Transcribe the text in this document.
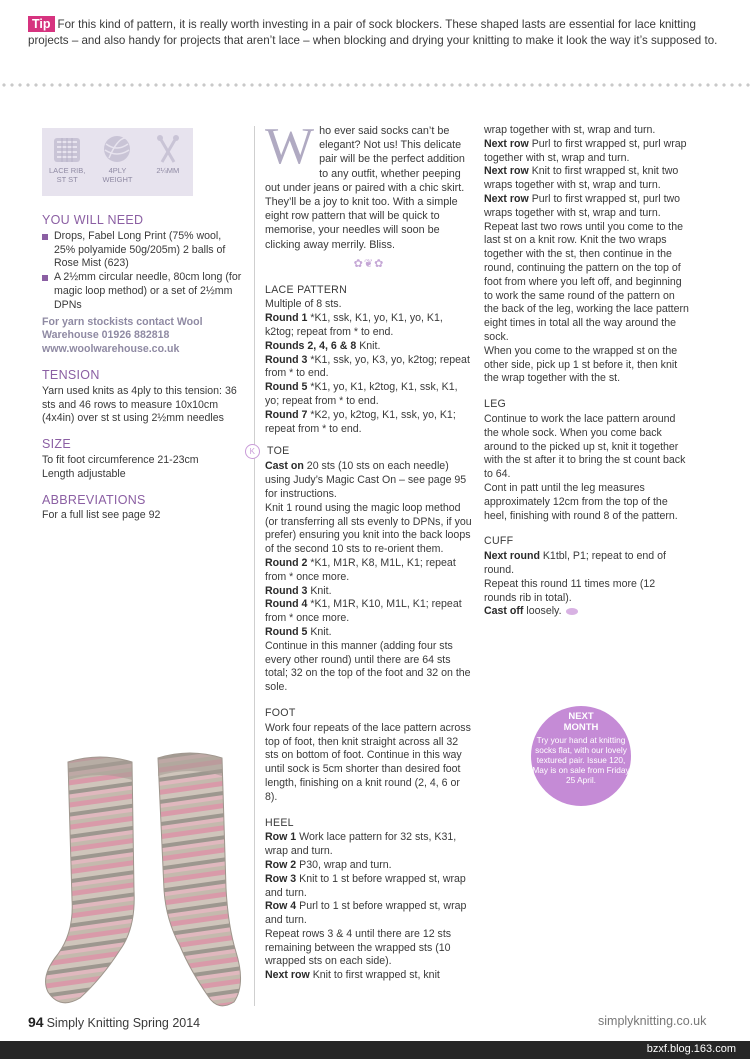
Tip For this kind of pattern, it is really worth investing in a pair of sock blockers. These shaped lasts are essential for lace knitting projects – and also handy for projects that aren’t lace – when blocking and drying your knitting to make it look the way it’s supposed to.
LACE RIB, ST ST
4PLY WEIGHT
2¼MM
YOU WILL NEED
Drops, Fabel Long Print (75% wool, 25% polyamide 50g/205m) 2 balls of Rose Mist (623)
A 2½mm circular needle, 80cm long (for magic loop method) or a set of 2½mm DPNs
For yarn stockists contact Wool
Warehouse 01926 882818
www.woolwarehouse.co.uk
TENSION

Yarn used knits as 4ply to this tension: 36 sts and 46 rows to measure 10x10cm (4x4in) over st st using 2½mm needles

SIZE

To fit foot circumference 21-23cm

Length adjustable

ABBREVIATIONS

For a full list see page 92

Who ever said socks can’t be elegant? Not us! This delicate pair will be the perfect addition to any outfit, whether peeping out under jeans or paired with a chic skirt. They’ll be a joy to knit too. With a simple eight row pattern that will be quick to memorise, your needles will soon be clicking away merrily. Bliss.

✿❦✿
LACE PATTERN

Multiple of 8 sts.

Round 1 *K1, ssk, K1, yo, K1, yo, K1, k2tog; repeat from * to end.

Rounds 2, 4, 6 & 8 Knit.

Round 3 *K1, ssk, yo, K3, yo, k2tog; repeat from * to end.

Round 5 *K1, yo, K1, k2tog, K1, ssk, K1, yo; repeat from * to end.

Round 7 *K2, yo, k2tog, K1, ssk, yo, K1; repeat from * to end.

K	TOE

Cast on 20 sts (10 sts on each needle) using Judy’s Magic Cast On – see page 95 for instructions.

Knit 1 round using the magic loop method (or transferring all sts evenly to DPNs, if you prefer) ensuring you knit into the back loops of the second 10 sts to re-orient them.

Round 2 *K1, M1R, K8, M1L, K1; repeat from * once more.

Round 3 Knit.

Round 4 *K1, M1R, K10, M1L, K1; repeat from * once more.

Round 5 Knit.

Continue in this manner (adding four sts every other round) until there are 64 sts total; 32 on the top of the foot and 32 on the sole.

FOOT

Work four repeats of the lace pattern across top of foot, then knit straight across all 32 sts on bottom of foot. Continue in this way until sock is 5cm shorter than desired foot length, finishing on a knit round (2, 4, 6 or 8).

HEEL

Row 1 Work lace pattern for 32 sts, K31, wrap and turn.

Row 2 P30, wrap and turn.

Row 3 Knit to 1 st before wrapped st, wrap and turn.

Row 4 Purl to 1 st before wrapped st, wrap and turn.

Repeat rows 3 & 4 until there are 12 sts remaining between the wrapped sts (10 wrapped sts on each side).

Next row Knit to first wrapped st, knit

wrap together with st, wrap and turn.

Next row Purl to first wrapped st, purl wrap together with st, wrap and turn.

Next row Knit to first wrapped st, knit two wraps together with st, wrap and turn.

Next row Purl to first wrapped st, purl two wraps together with st, wrap and turn.

Repeat last two rows until you come to the last st on a knit row. Knit the two wraps together with the st, then continue in the round, continuing the pattern on the top of foot from where you left off, and beginning to work the same round of the pattern on the back of the leg, working the lace pattern eight times in total all the way around the sock.

When you come to the wrapped st on the other side, pick up 1 st before it, then knit the wrap together with the st.

LEG

Continue to work the lace pattern around the whole sock. When you come back around to the picked up st, knit it together with the st after it to bring the st count back to 64.

Cont in patt until the leg measures approximately 12cm from the top of the heel, finishing with round 8 of the pattern.

CUFF

Next round K1tbl, P1; repeat to end of round.

Repeat this round 11 times more (12 rounds rib in total).

Cast off loosely.

NEXT
MONTH
Try your hand at knitting socks flat, with our lovely textured pair. Issue 120, May is on sale from Friday 25 April.
94 Simply Knitting Spring 2014	simplyknitting.co.uk
bzxf.blog.163.com
